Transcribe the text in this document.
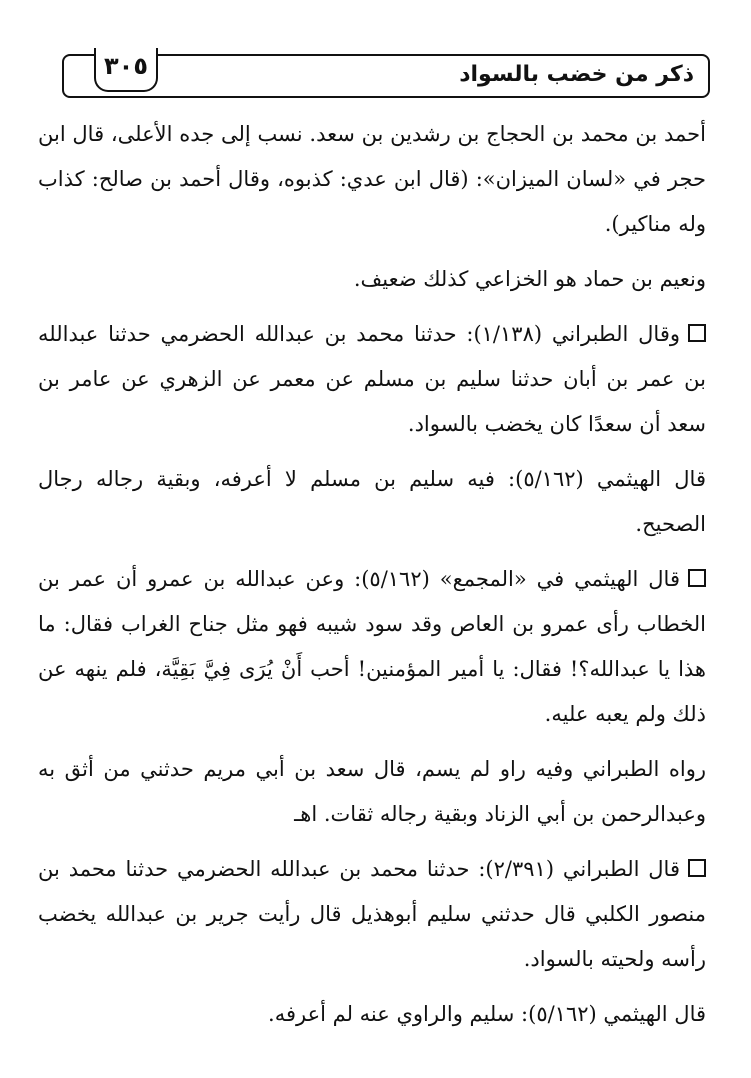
ذكر من خضب بالسواد
٣٠٥

أحمد بن محمد بن الحجاج بن رشدين بن سعد. نسب إلى جده الأعلى، قال ابن حجر في «لسان الميزان»: (قال ابن عدي: كذبوه، وقال أحمد بن صالح: كذاب وله مناكير).

ونعيم بن حماد هو الخزاعي كذلك ضعيف.

وقال الطبراني (١/١٣٨): حدثنا محمد بن عبدالله الحضرمي حدثنا عبدالله بن عمر بن أبان حدثنا سليم بن مسلم عن معمر عن الزهري عن عامر بن سعد أن سعدًا كان يخضب بالسواد.

قال الهيثمي (٥/١٦٢): فيه سليم بن مسلم لا أعرفه، وبقية رجاله رجال الصحيح.

قال الهيثمي في «المجمع» (٥/١٦٢): وعن عبدالله بن عمرو أن عمر بن الخطاب رأى عمرو بن العاص وقد سود شيبه فهو مثل جناح الغراب فقال: ما هذا يا عبدالله؟! فقال: يا أمير المؤمنين! أحب أَنْ يُرَى فِيَّ بَقِيَّة، فلم ينهه عن ذلك ولم يعبه عليه.

رواه الطبراني وفيه راو لم يسم، قال سعد بن أبي مريم حدثني من أثق به وعبدالرحمن بن أبي الزناد وبقية رجاله ثقات. اهـ

قال الطبراني (٢/٣٩١): حدثنا محمد بن عبدالله الحضرمي حدثنا محمد بن منصور الكلبي قال حدثني سليم أبوهذيل قال رأيت جرير بن عبدالله يخضب رأسه ولحيته بالسواد.

قال الهيثمي (٥/١٦٢): سليم والراوي عنه لم أعرفه.
